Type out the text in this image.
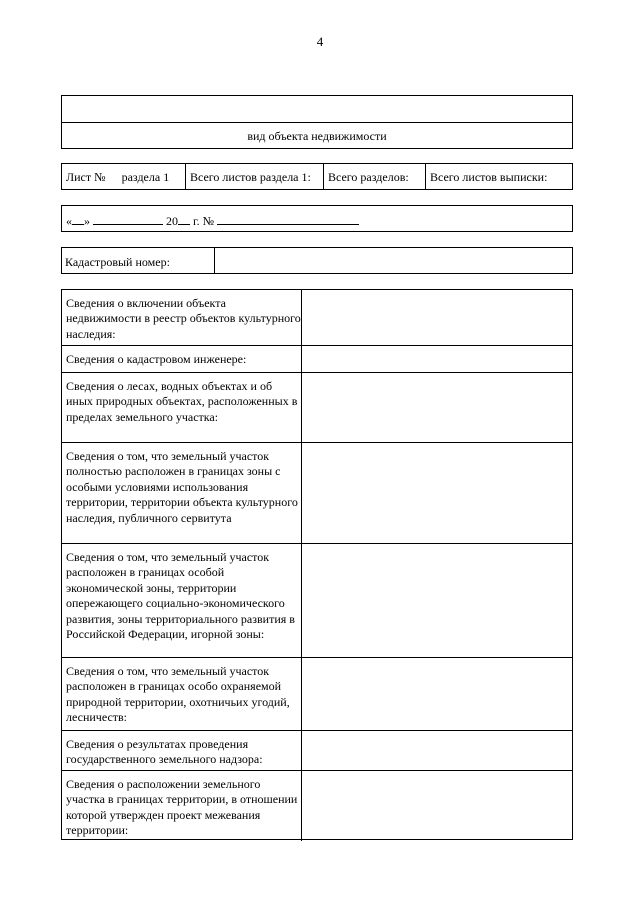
4
вид объекта недвижимости
Лист № раздела 1	Всего листов раздела 1:	Всего разделов:	Всего листов выписки:
« »	20 г. №
Кадастровый номер:
Сведения о включении объекта недвижимости в реестр объектов культурного наследия:
Сведения о кадастровом инженере:
Сведения о лесах, водных объектах и об иных природных объектах, расположенных в пределах земельного участка:
Сведения о том, что земельный участок полностью расположен в границах зоны с особыми условиями использования территории, территории объекта культурного наследия, публичного сервитута
Сведения о том, что земельный участок расположен в границах особой экономической зоны, территории опережающего социально-экономического развития, зоны территориального развития в Российской Федерации, игорной зоны:
Сведения о том, что земельный участок расположен в границах особо охраняемой природной территории, охотничьих угодий, лесничеств:
Сведения о результатах проведения государственного земельного надзора:
Сведения о расположении земельного участка в границах территории, в отношении которой утвержден проект межевания территории:
